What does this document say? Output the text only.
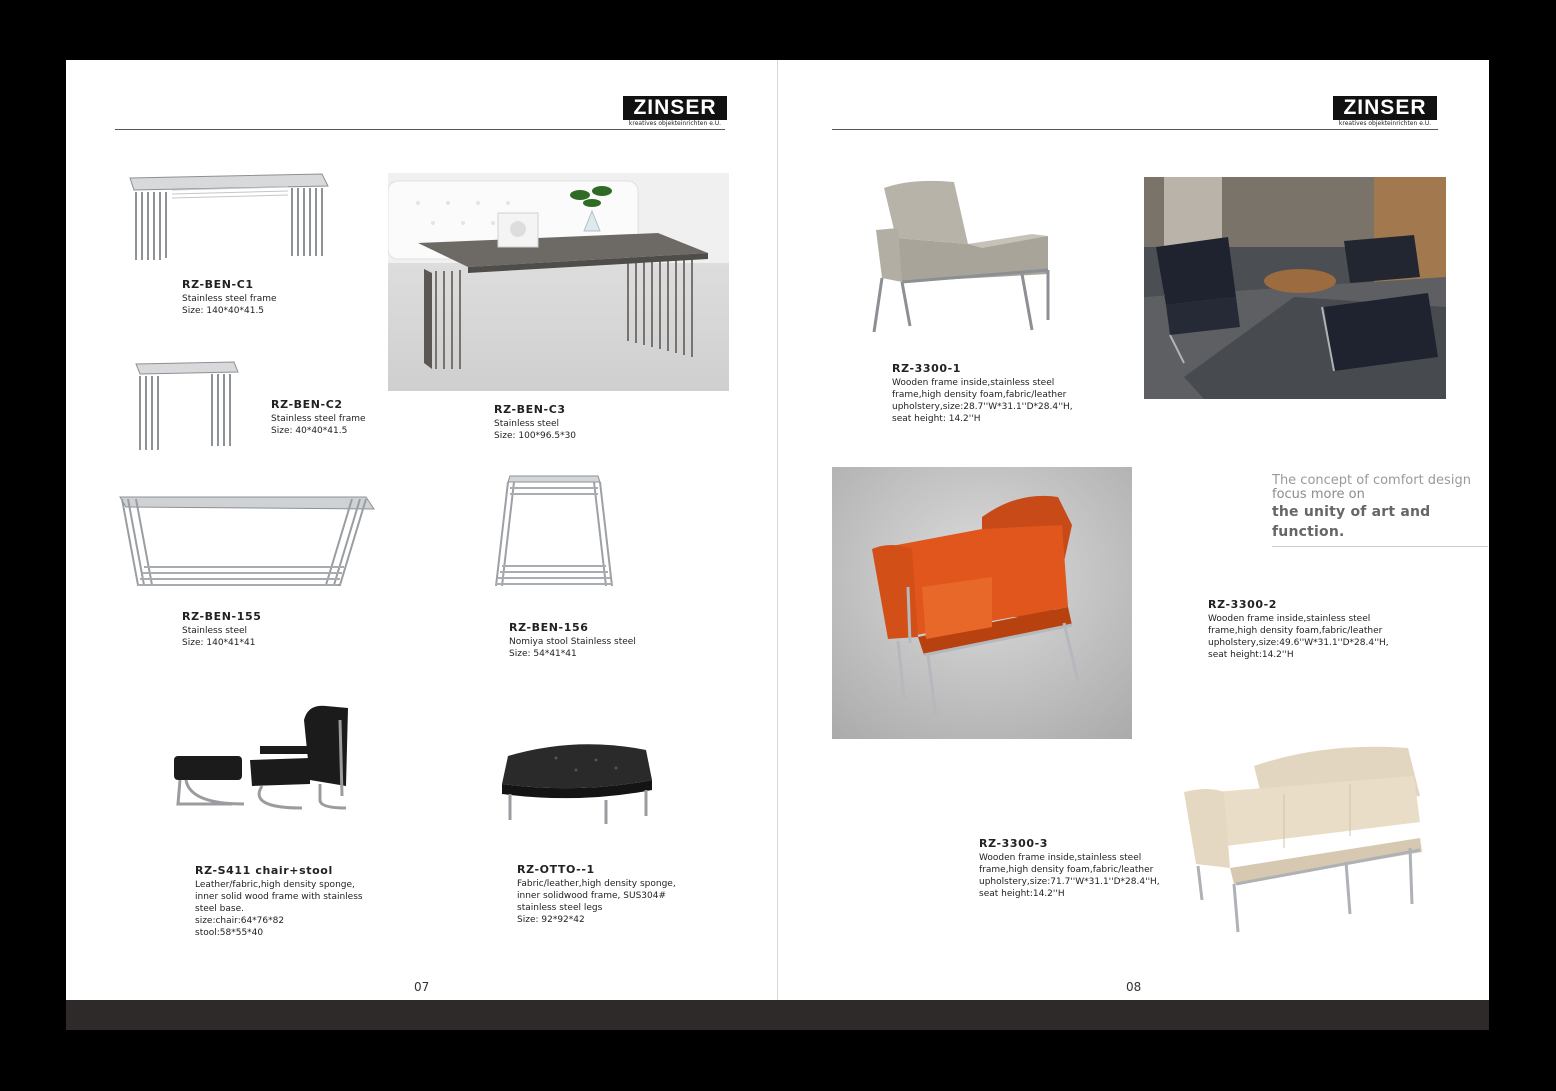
ZINSER
kreatives objekteinrichten e.U.
RZ-BEN-C1
Stainless steel frame
Size: 140*40*41.5
RZ-BEN-C2
Stainless steel frame
Size: 40*40*41.5
RZ-BEN-C3
Stainless steel
Size: 100*96.5*30
RZ-BEN-155
Stainless steel
Size: 140*41*41
RZ-BEN-156
Nomiya stool Stainless steel
Size: 54*41*41
RZ-S411 chair+stool
Leather/fabric,high density sponge,
inner solid wood frame with stainless
steel base.
size:chair:64*76*82
stool:58*55*40
RZ-OTTO--1
Fabric/leather,high density sponge,
inner solidwood frame, SUS304#
stainless steel legs
Size: 92*92*42
07
ZINSER
kreatives objekteinrichten e.U.
RZ-3300-1
Wooden frame inside,stainless steel
frame,high density foam,fabric/leather
upholstery,size:28.7''W*31.1''D*28.4''H,
seat height: 14.2''H
The concept of comfort design
focus more on
the unity of art and function.
RZ-3300-2
Wooden frame inside,stainless steel
frame,high density foam,fabric/leather
upholstery,size:49.6''W*31.1''D*28.4''H,
seat height:14.2''H
RZ-3300-3
Wooden frame inside,stainless steel
frame,high density foam,fabric/leather
upholstery,size:71.7''W*31.1''D*28.4''H,
seat height:14.2''H
08
